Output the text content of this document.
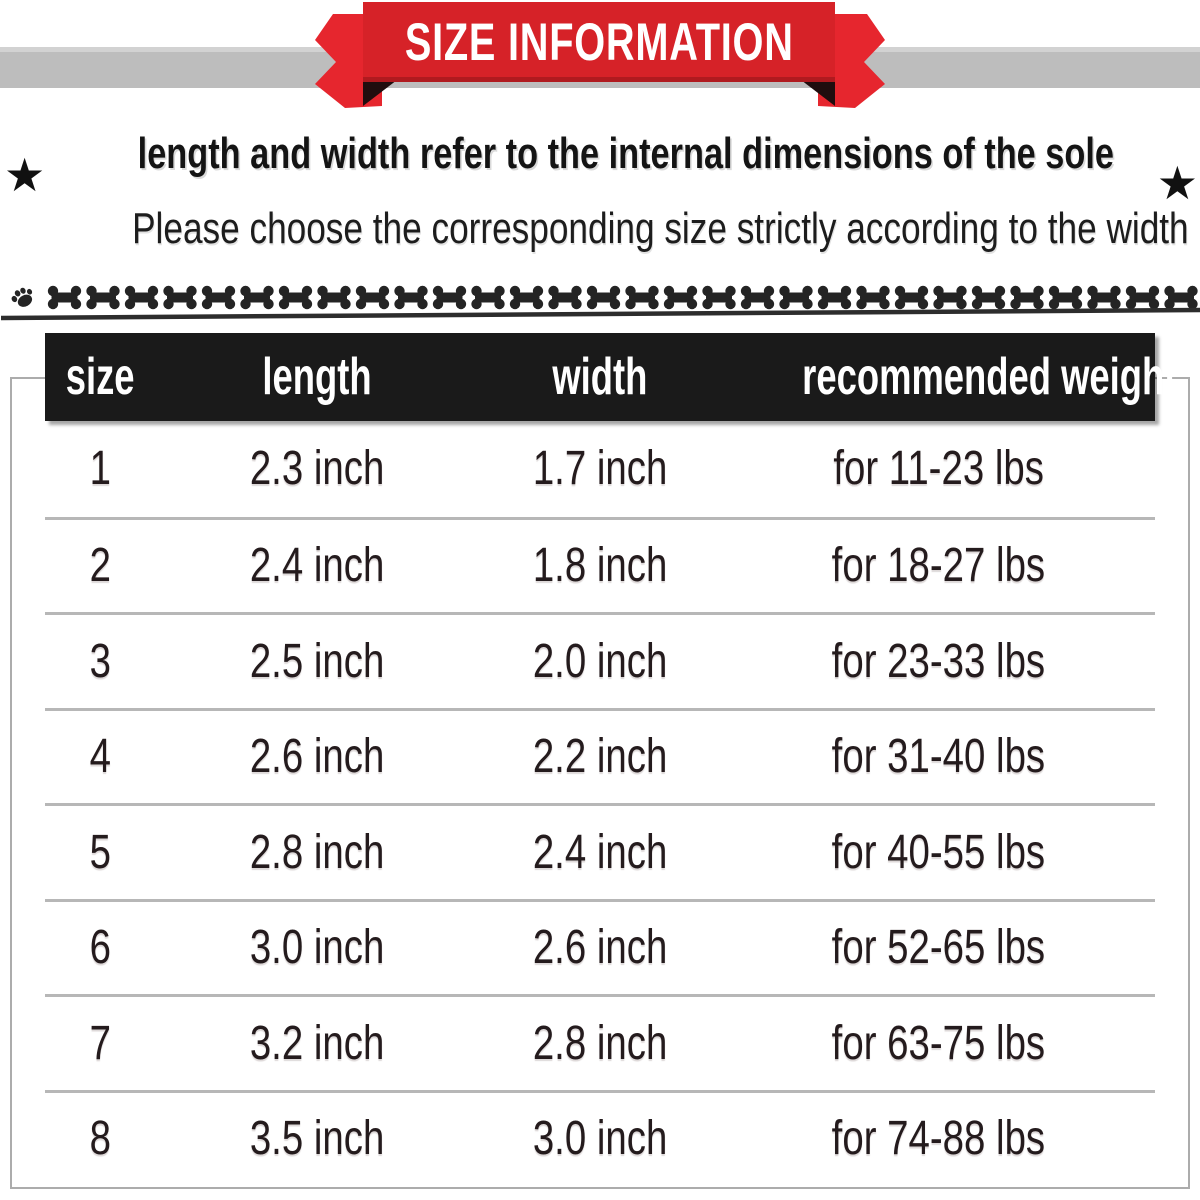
SIZE INFORMATION
★	★
length and width refer to the internal dimensions of the sole
Please choose the corresponding size strictly according to the width
size	length	width	recommended weight
1	2.3 inch	1.7 inch	for 11-23 lbs
2	2.4 inch	1.8 inch	for 18-27 lbs
3	2.5 inch	2.0 inch	for 23-33 lbs
4	2.6 inch	2.2 inch	for 31-40 lbs
5	2.8 inch	2.4 inch	for 40-55 lbs
6	3.0 inch	2.6 inch	for 52-65 lbs
7	3.2 inch	2.8 inch	for 63-75 lbs
8	3.5 inch	3.0 inch	for 74-88 lbs
